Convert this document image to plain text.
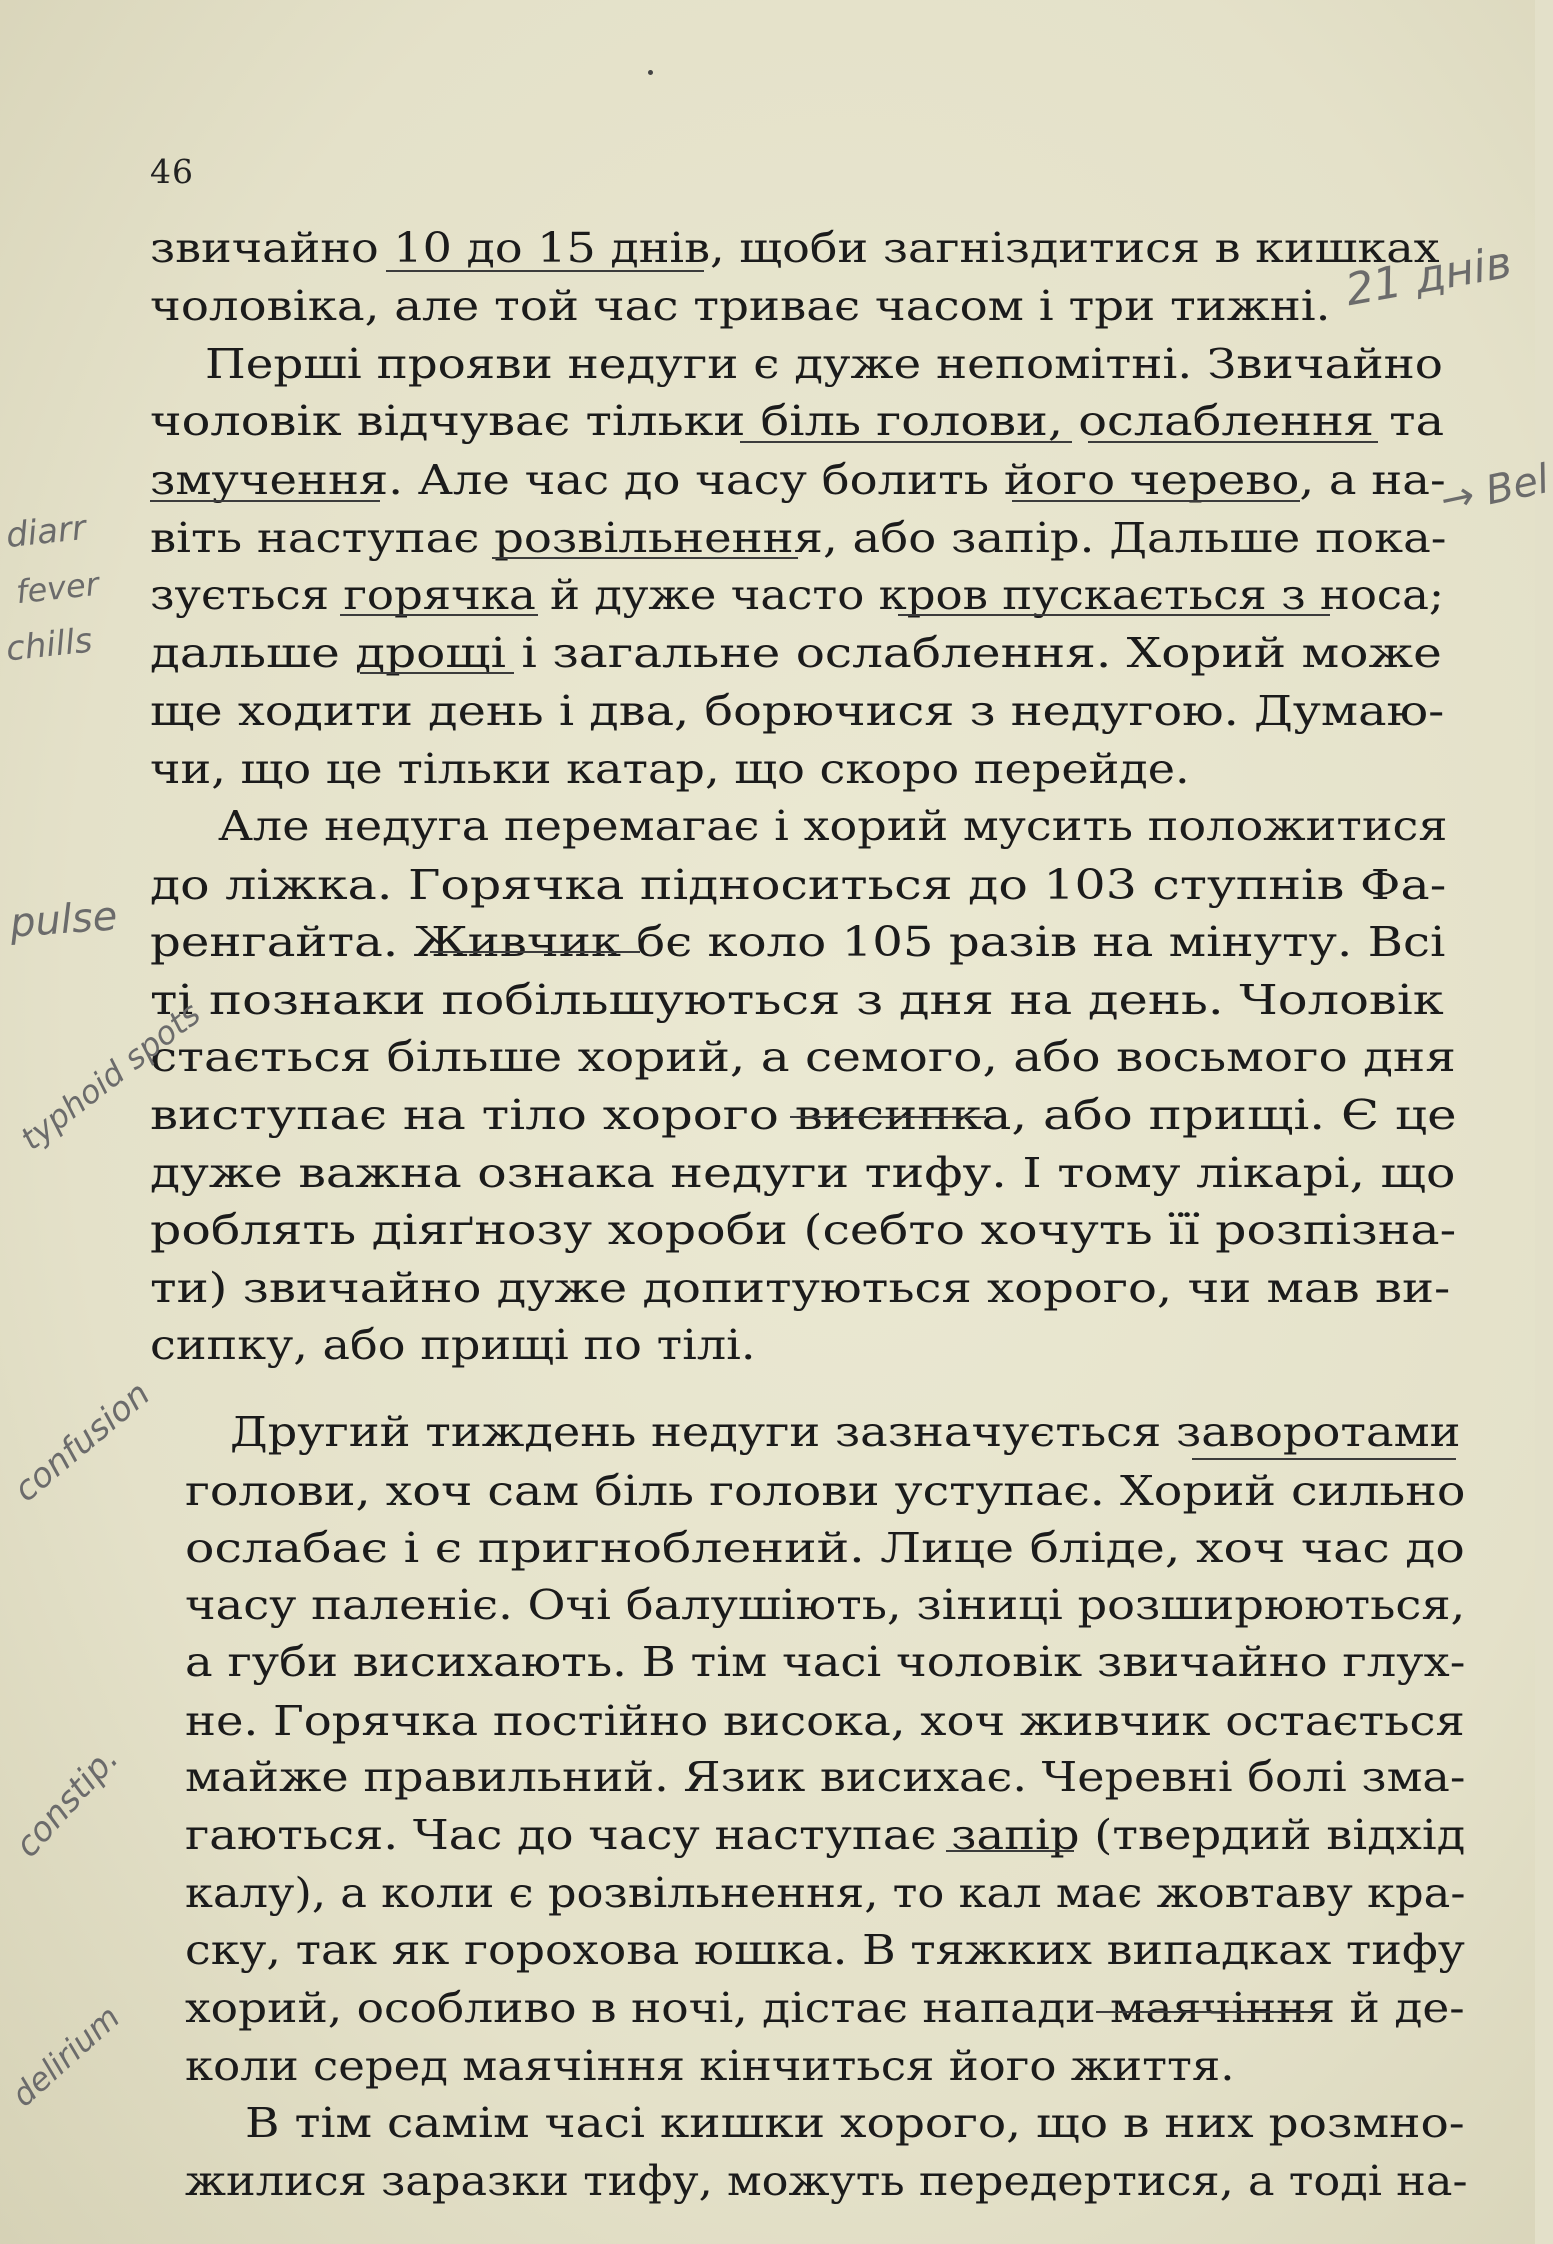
46
звичайно 10 до 15 днів, щоби загніздитися в кишках
чоловіка, але той час триває часом і три тижні.
Перші прояви недуги є дуже непомітні. Звичайно
чоловік відчуває тільки біль голови, ослаблення та
змучення. Але час до часу болить його черево, а на-
віть наступає розвільнення, або запір. Дальше пока-
зується горячка й дуже часто кров пускається з носа;
дальше дрощі і загальне ослаблення. Хорий може
ще ходити день і два, борючися з недугою. Думаю-
чи, що це тільки катар, що скоро перейде.
Але недуга перемагає і хорий мусить положитися
до ліжка. Горячка підноситься до 103 ступнів Фа-
ренгайта. Живчик бє коло 105 разів на мінуту. Всі
ті познаки побільшуються з дня на день. Чоловік
стається більше хорий, а семого, або восьмого дня
виступає на тіло хорого висипка, або прищі. Є це
дуже важна ознака недуги тифу. І тому лікарі, що
роблять діяґнозу хороби (себто хочуть її розпізна-
ти) звичайно дуже допитуються хорого, чи мав ви-
сипку, або прищі по тілі.
Другий тиждень недуги зазначується заворотами
голови, хоч сам біль голови уступає. Хорий сильно
ослабає і є пригноблений. Лице бліде, хоч час до
часу паленіє. Очі балушіють, зіниці розширюються,
а губи висихають. В тім часі чоловік звичайно глух-
не. Горячка постійно висока, хоч живчик остається
майже правильний. Язик висихає. Черевні болі зма-
гаються. Час до часу наступає запір (твердий відхід
калу), а коли є розвільнення, то кал має жовтаву кра-
ску, так як горохова юшка. В тяжких випадках тифу
хорий, особливо в ночі, дістає напади маячіння й де-
коли серед маячіння кінчиться його життя.
В тім самім часі кишки хорого, що в них розмно-
жилися заразки тифу, можуть передертися, а тоді на-
21 днів
→ Bel
diarr
fever
chills
pulse
typhoid spots
confusion
constip.
delirium
